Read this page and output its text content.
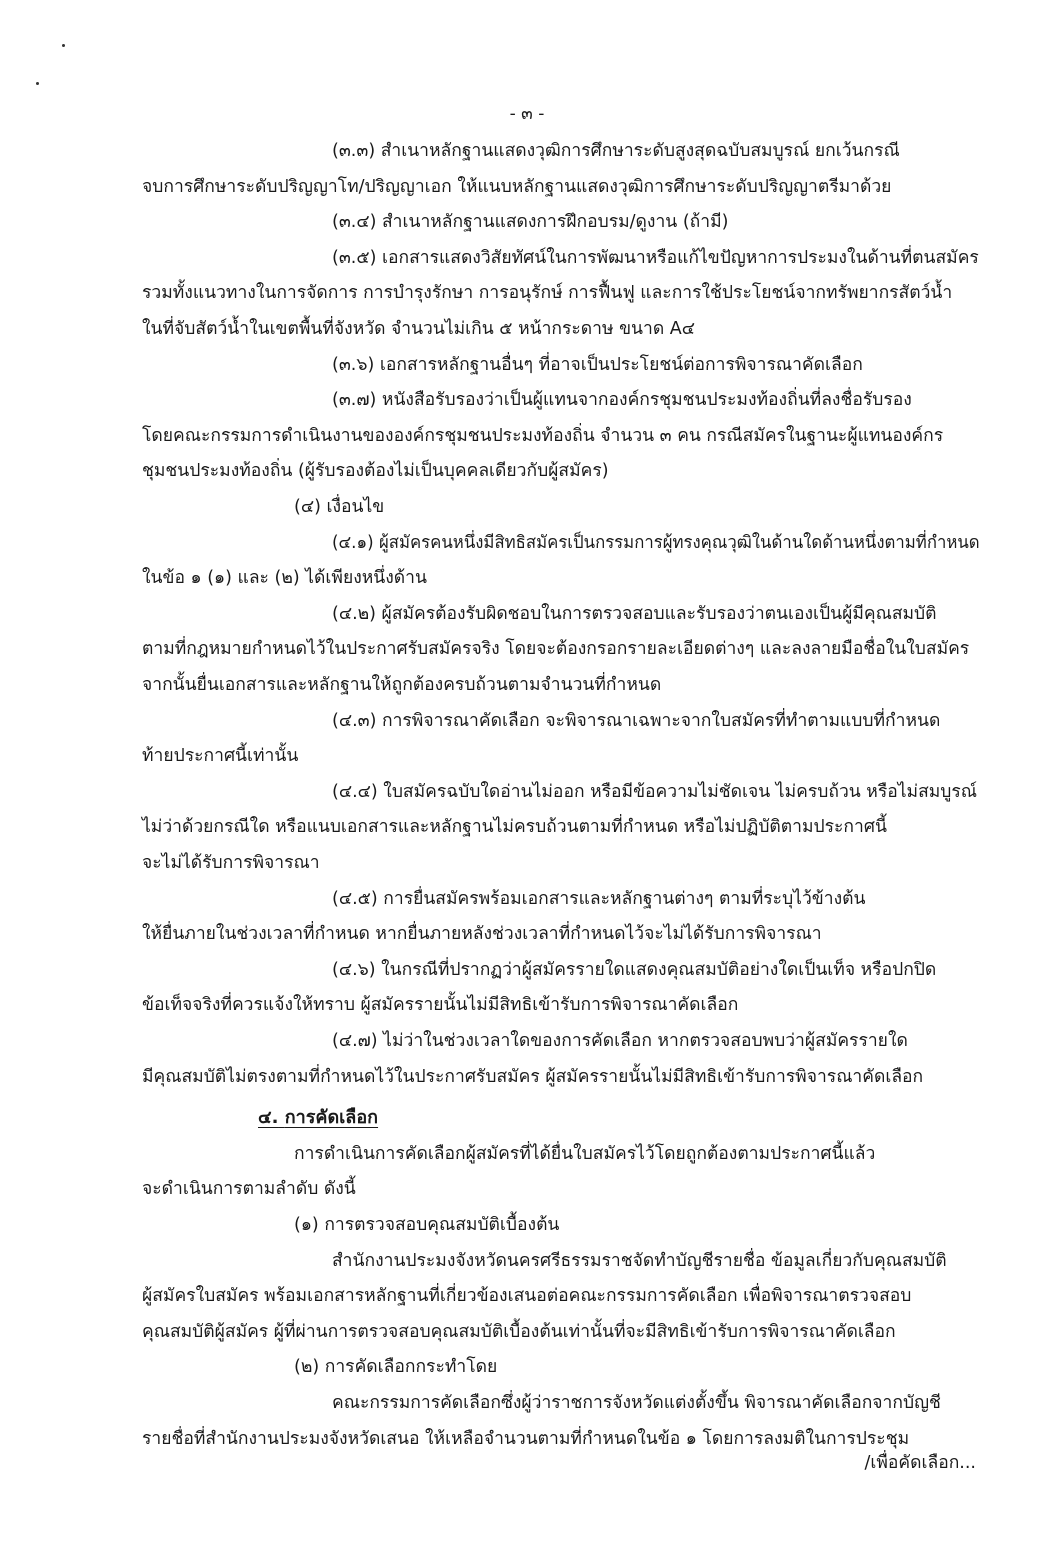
- ๓ -
(๓.๓) สำเนาหลักฐานแสดงวุฒิการศึกษาระดับสูงสุดฉบับสมบูรณ์ ยกเว้นกรณี
จบการศึกษาระดับปริญญาโท/ปริญญาเอก ให้แนบหลักฐานแสดงวุฒิการศึกษาระดับปริญญาตรีมาด้วย
(๓.๔) สำเนาหลักฐานแสดงการฝึกอบรม/ดูงาน (ถ้ามี)
(๓.๕) เอกสารแสดงวิสัยทัศน์ในการพัฒนาหรือแก้ไขปัญหาการประมงในด้านที่ตนสมัคร
รวมทั้งแนวทางในการจัดการ การบำรุงรักษา การอนุรักษ์ การฟื้นฟู และการใช้ประโยชน์จากทรัพยากรสัตว์น้ำ
ในที่จับสัตว์น้ำในเขตพื้นที่จังหวัด จำนวนไม่เกิน ๕ หน้ากระดาษ ขนาด A๔
(๓.๖) เอกสารหลักฐานอื่นๆ ที่อาจเป็นประโยชน์ต่อการพิจารณาคัดเลือก
(๓.๗) หนังสือรับรองว่าเป็นผู้แทนจากองค์กรชุมชนประมงท้องถิ่นที่ลงชื่อรับรอง
โดยคณะกรรมการดำเนินงานขององค์กรชุมชนประมงท้องถิ่น จำนวน ๓ คน กรณีสมัครในฐานะผู้แทนองค์กร
ชุมชนประมงท้องถิ่น (ผู้รับรองต้องไม่เป็นบุคคลเดียวกับผู้สมัคร)
(๔) เงื่อนไข
(๔.๑) ผู้สมัครคนหนึ่งมีสิทธิสมัครเป็นกรรมการผู้ทรงคุณวุฒิในด้านใดด้านหนึ่งตามที่กำหนด
ในข้อ ๑ (๑) และ (๒) ได้เพียงหนึ่งด้าน
(๔.๒) ผู้สมัครต้องรับผิดชอบในการตรวจสอบและรับรองว่าตนเองเป็นผู้มีคุณสมบัติ
ตามที่กฎหมายกำหนดไว้ในประกาศรับสมัครจริง โดยจะต้องกรอกรายละเอียดต่างๆ และลงลายมือชื่อในใบสมัคร
จากนั้นยื่นเอกสารและหลักฐานให้ถูกต้องครบถ้วนตามจำนวนที่กำหนด
(๔.๓) การพิจารณาคัดเลือก จะพิจารณาเฉพาะจากใบสมัครที่ทำตามแบบที่กำหนด
ท้ายประกาศนี้เท่านั้น
(๔.๔) ใบสมัครฉบับใดอ่านไม่ออก หรือมีข้อความไม่ชัดเจน ไม่ครบถ้วน หรือไม่สมบูรณ์
ไม่ว่าด้วยกรณีใด หรือแนบเอกสารและหลักฐานไม่ครบถ้วนตามที่กำหนด หรือไม่ปฏิบัติตามประกาศนี้
จะไม่ได้รับการพิจารณา
(๔.๕) การยื่นสมัครพร้อมเอกสารและหลักฐานต่างๆ ตามที่ระบุไว้ข้างต้น
ให้ยื่นภายในช่วงเวลาที่กำหนด หากยื่นภายหลังช่วงเวลาที่กำหนดไว้จะไม่ได้รับการพิจารณา
(๔.๖) ในกรณีที่ปรากฏว่าผู้สมัครรายใดแสดงคุณสมบัติอย่างใดเป็นเท็จ หรือปกปิด
ข้อเท็จจริงที่ควรแจ้งให้ทราบ ผู้สมัครรายนั้นไม่มีสิทธิเข้ารับการพิจารณาคัดเลือก
(๔.๗) ไม่ว่าในช่วงเวลาใดของการคัดเลือก หากตรวจสอบพบว่าผู้สมัครรายใด
มีคุณสมบัติไม่ตรงตามที่กำหนดไว้ในประกาศรับสมัคร ผู้สมัครรายนั้นไม่มีสิทธิเข้ารับการพิจารณาคัดเลือก
๔. การคัดเลือก
การดำเนินการคัดเลือกผู้สมัครที่ได้ยื่นใบสมัครไว้โดยถูกต้องตามประกาศนี้แล้ว
จะดำเนินการตามลำดับ ดังนี้
(๑) การตรวจสอบคุณสมบัติเบื้องต้น
สำนักงานประมงจังหวัดนครศรีธรรมราชจัดทำบัญชีรายชื่อ ข้อมูลเกี่ยวกับคุณสมบัติ
ผู้สมัครใบสมัคร พร้อมเอกสารหลักฐานที่เกี่ยวข้องเสนอต่อคณะกรรมการคัดเลือก เพื่อพิจารณาตรวจสอบ
คุณสมบัติผู้สมัคร ผู้ที่ผ่านการตรวจสอบคุณสมบัติเบื้องต้นเท่านั้นที่จะมีสิทธิเข้ารับการพิจารณาคัดเลือก
(๒) การคัดเลือกกระทำโดย
คณะกรรมการคัดเลือกซึ่งผู้ว่าราชการจังหวัดแต่งตั้งขึ้น พิจารณาคัดเลือกจากบัญชี
รายชื่อที่สำนักงานประมงจังหวัดเสนอ ให้เหลือจำนวนตามที่กำหนดในข้อ ๑ โดยการลงมติในการประชุม
/เพื่อคัดเลือก...
